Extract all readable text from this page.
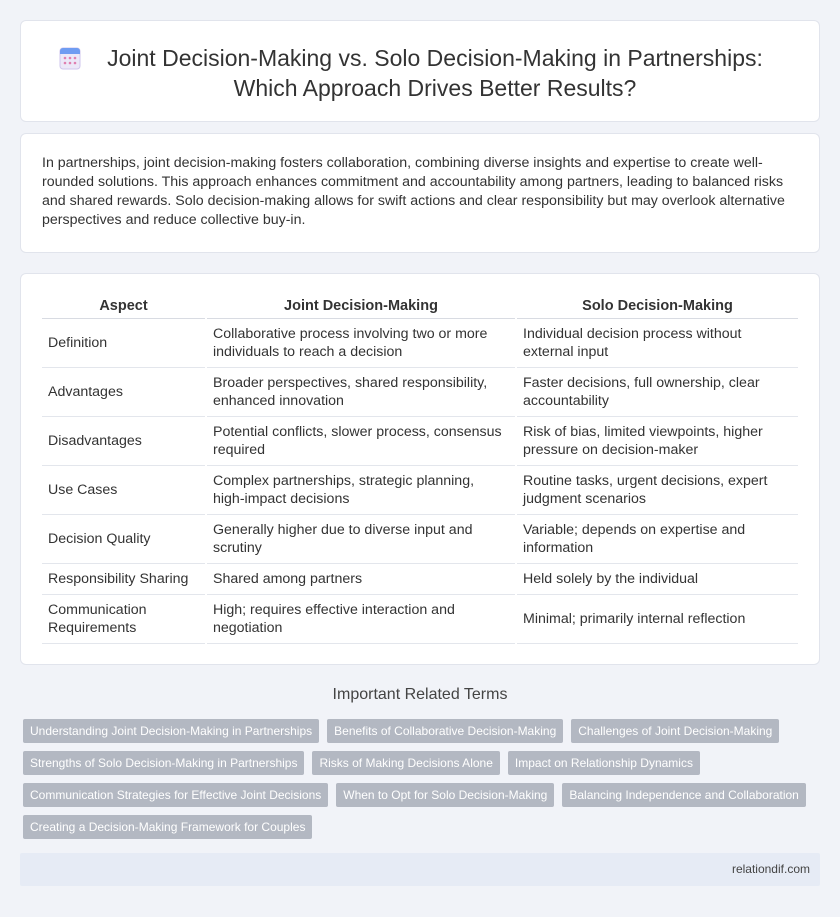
Joint Decision-Making vs. Solo Decision-Making in Partnerships: Which Approach Drives Better Results?

In partnerships, joint decision-making fosters collaboration, combining diverse insights and expertise to create well-rounded solutions. This approach enhances commitment and accountability among partners, leading to balanced risks and shared rewards. Solo decision-making allows for swift actions and clear responsibility but may overlook alternative perspectives and reduce collective buy-in.

Aspect	Joint Decision-Making	Solo Decision-Making
Definition	Collaborative process involving two or more individuals to reach a decision	Individual decision process without external input
Advantages	Broader perspectives, shared responsibility, enhanced innovation	Faster decisions, full ownership, clear accountability
Disadvantages	Potential conflicts, slower process, consensus required	Risk of bias, limited viewpoints, higher pressure on decision-maker
Use Cases	Complex partnerships, strategic planning, high-impact decisions	Routine tasks, urgent decisions, expert judgment scenarios
Decision Quality	Generally higher due to diverse input and scrutiny	Variable; depends on expertise and information
Responsibility Sharing	Shared among partners	Held solely by the individual
Communication Requirements	High; requires effective interaction and negotiation	Minimal; primarily internal reflection
Important Related Terms
Understanding Joint Decision-Making in Partnerships	Benefits of Collaborative Decision-Making	Challenges of Joint Decision-Making
Strengths of Solo Decision-Making in Partnerships	Risks of Making Decisions Alone	Impact on Relationship Dynamics
Communication Strategies for Effective Joint Decisions	When to Opt for Solo Decision-Making	Balancing Independence and Collaboration
Creating a Decision-Making Framework for Couples
relationdif.com
